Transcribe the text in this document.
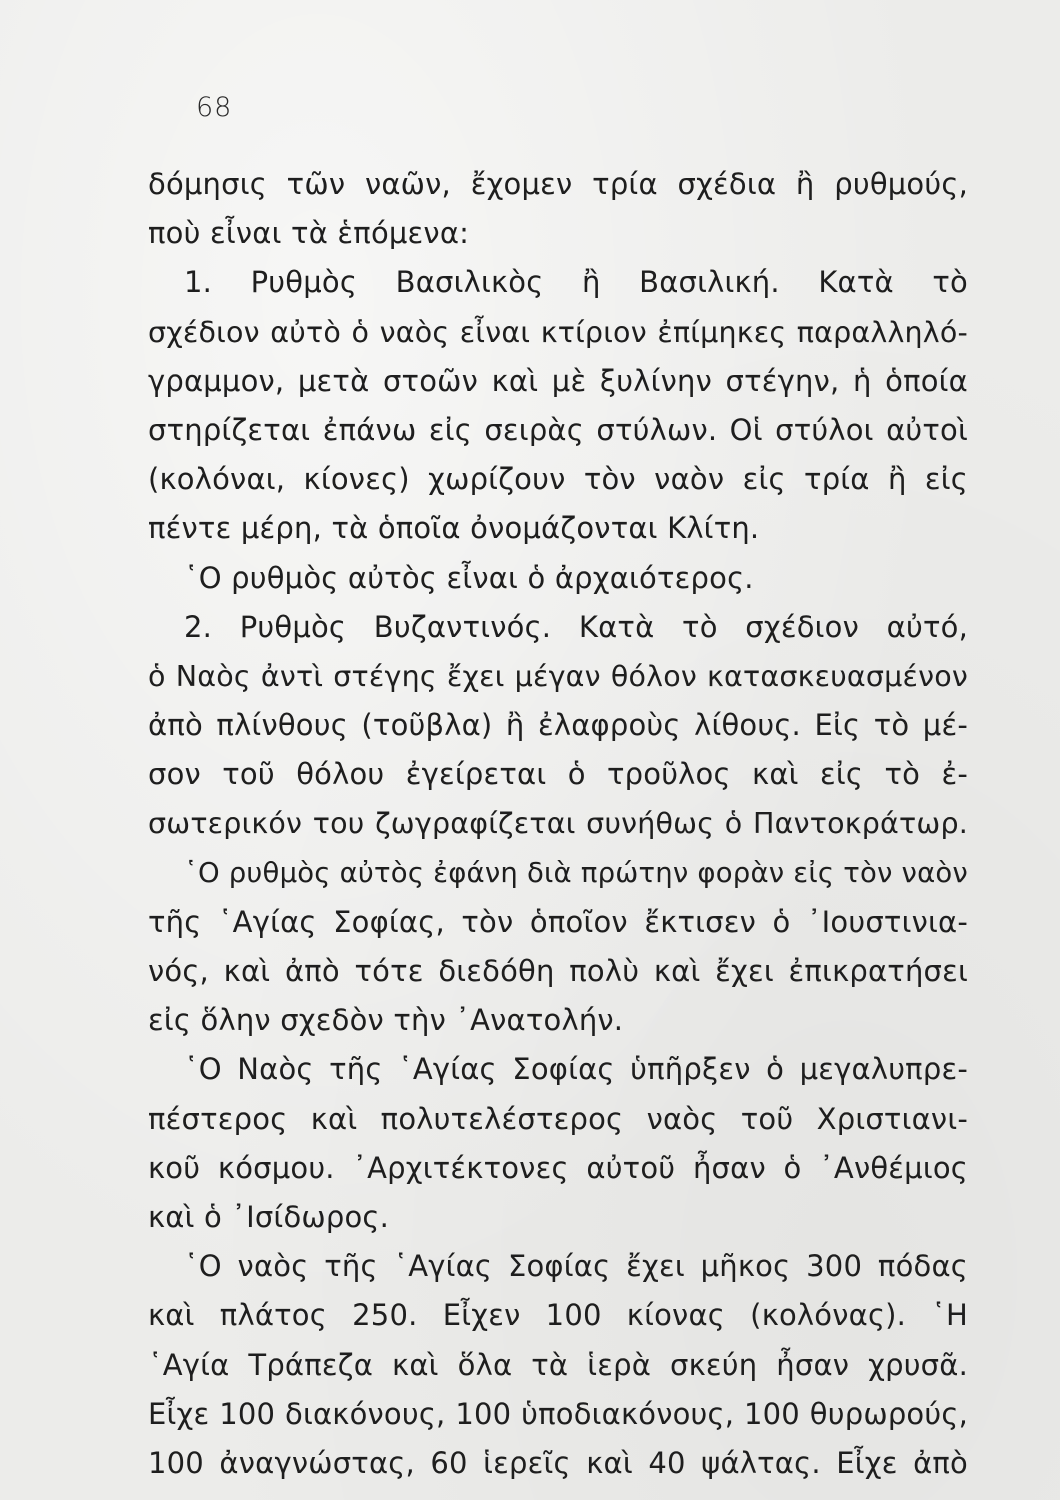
68
δόμησις τῶν ναῶν, ἔχομεν τρία σχέδια ἢ ρυθμούς,
ποὺ εἶναι τὰ ἑπόμενα:
1. Ρυθμὸς Βασιλικὸς ἢ Βασιλική. Κατὰ τὸ
σχέδιον αὐτὸ ὁ ναὸς εἶναι κτίριον ἐπίμηκες παραλληλό-
γραμμον, μετὰ στοῶν καὶ μὲ ξυλίνην στέγην, ἡ ὁποία
στηρίζεται ἐπάνω εἰς σειρὰς στύλων. Οἱ στύλοι αὐτοὶ
(κολόναι, κίονες) χωρίζουν τὸν ναὸν εἰς τρία ἢ εἰς
πέντε μέρη, τὰ ὁποῖα ὀνομάζονται Κλίτη.
῾Ο ρυθμὸς αὐτὸς εἶναι ὁ ἀρχαιότερος.
2. Ρυθμὸς Βυζαντινός. Κατὰ τὸ σχέδιον αὐτό,
ὁ Ναὸς ἀντὶ στέγης ἔχει μέγαν θόλον κατασκευασμένον
ἀπὸ πλίνθους (τοῦβλα) ἢ ἐλαφροὺς λίθους. Εἰς τὸ μέ-
σον τοῦ θόλου ἐγείρεται ὁ τροῦλος καὶ εἰς τὸ ἐ-
σωτερικόν του ζωγραφίζεται συνήθως ὁ Παντοκράτωρ.
῾Ο ρυθμὸς αὐτὸς ἐφάνη διὰ πρώτην φορὰν εἰς τὸν ναὸν
τῆς ῾Αγίας Σοφίας, τὸν ὁποῖον ἔκτισεν ὁ ᾿Ιουστινια-
νός, καὶ ἀπὸ τότε διεδόθη πολὺ καὶ ἔχει ἐπικρατήσει
εἰς ὅλην σχεδὸν τὴν ᾿Ανατολήν.
῾Ο Ναὸς τῆς ῾Αγίας Σοφίας ὑπῆρξεν ὁ μεγαλυπρε-
πέστερος καὶ πολυτελέστερος ναὸς τοῦ Χριστιανι-
κοῦ κόσμου. ᾿Αρχιτέκτονες αὐτοῦ ἦσαν ὁ ᾿Ανθέμιος
καὶ ὁ ᾿Ισίδωρος.
῾Ο ναὸς τῆς ῾Αγίας Σοφίας ἔχει μῆκος 300 πόδας
καὶ πλάτος 250. Εἶχεν 100 κίονας (κολόνας). ῾Η
῾Αγία Τράπεζα καὶ ὅλα τὰ ἱερὰ σκεύη ἦσαν χρυσᾶ.
Εἶχε 100 διακόνους, 100 ὑποδιακόνους, 100 θυρωρούς,
100 ἀναγνώστας, 60 ἱερεῖς καὶ 40 ψάλτας. Εἶχε ἀπὸ
